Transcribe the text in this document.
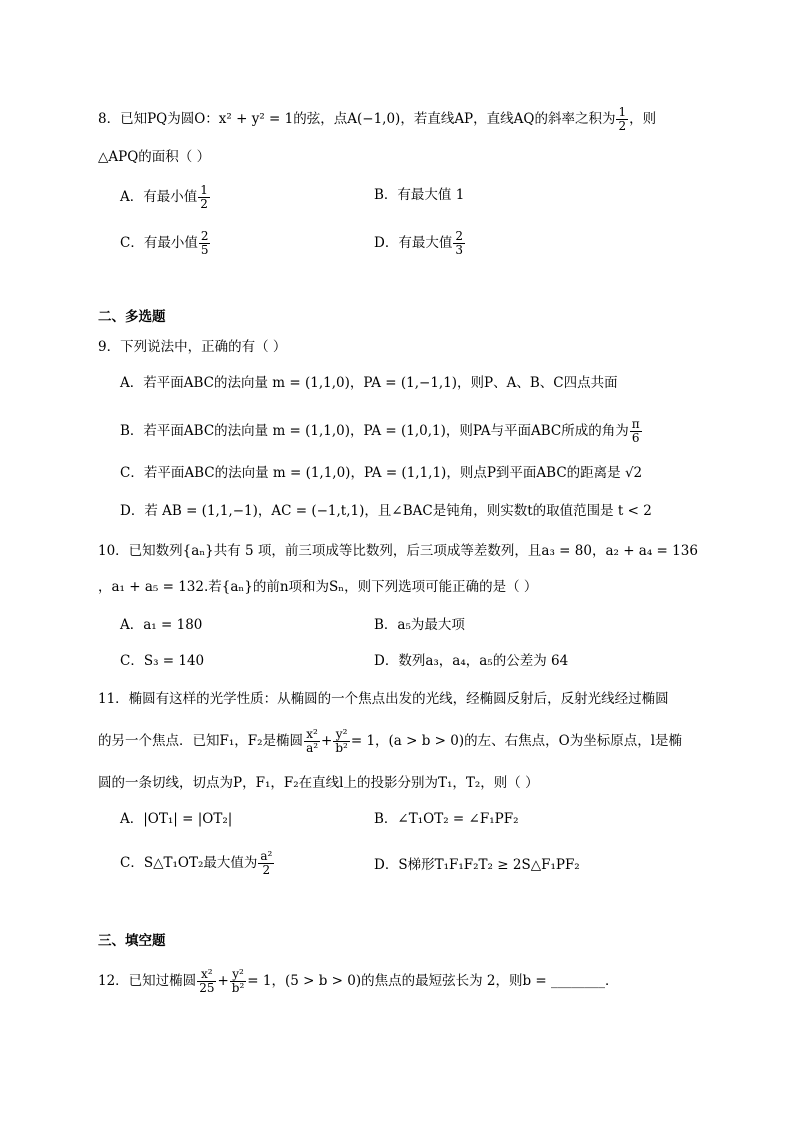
8．已知PQ为圆O：x² + y² = 1的弦，点A(−1,0)，若直线AP，直线AQ的斜率之积为 $\frac{1}{2}$ ，则
△APQ的面积（ ）
A．有最小值 $\frac{1}{2}$	B．有最大值 1
C．有最小值 $\frac{2}{5}$	D．有最大值 $\frac{2}{3}$
二、多选题
9．下列说法中，正确的有（ ）
A．若平面ABC的法向量 m = (1,1,0)，PA = (1,−1,1)，则P、A、B、C四点共面
B．若平面ABC的法向量 m = (1,1,0)，PA = (1,0,1)，则PA与平面ABC所成的角为 $\frac{\pi}{6}$
C．若平面ABC的法向量 m = (1,1,0)，PA = (1,1,1)，则点P到平面ABC的距离是 √2
D．若 AB = (1,1,−1)，AC = (−1,t,1)，且∠BAC是钝角，则实数t的取值范围是 t < 2
10．已知数列{aₙ}共有 5 项，前三项成等比数列，后三项成等差数列，且a₃ = 80，a₂ + a₄ = 136
，a₁ + a₅ = 132.若{aₙ}的前n项和为Sₙ，则下列选项可能正确的是（ ）
A．a₁ = 180	B．a₅为最大项
C．S₃ = 140	D．数列a₃，a₄，a₅的公差为 64
11．椭圆有这样的光学性质：从椭圆的一个焦点出发的光线，经椭圆反射后，反射光线经过椭圆
的另一个焦点．已知F₁，F₂是椭圆 $\frac{\text{x²}}{\text{a²}} + \frac{\text{y²}}{\text{b²}} = 1$，(a > b > 0)的左、右焦点，O为坐标原点，l是椭
圆的一条切线，切点为P，F₁，F₂在直线l上的投影分别为T₁，T₂，则（ ）
A．|OT₁| = |OT₂|	B．∠T₁OT₂ = ∠F₁PF₂
C．S△T₁OT₂最大值为 $\frac{\text{a²}}{2}$	D．S梯形T₁F₁F₂T₂ ≥ 2S△F₁PF₂
三、填空题
12．已知过椭圆 $\frac{\text{x²}}{25} + \frac{\text{y²}}{\text{b²}} = 1$，(5 > b > 0)的焦点的最短弦长为 2，则b = ________．
